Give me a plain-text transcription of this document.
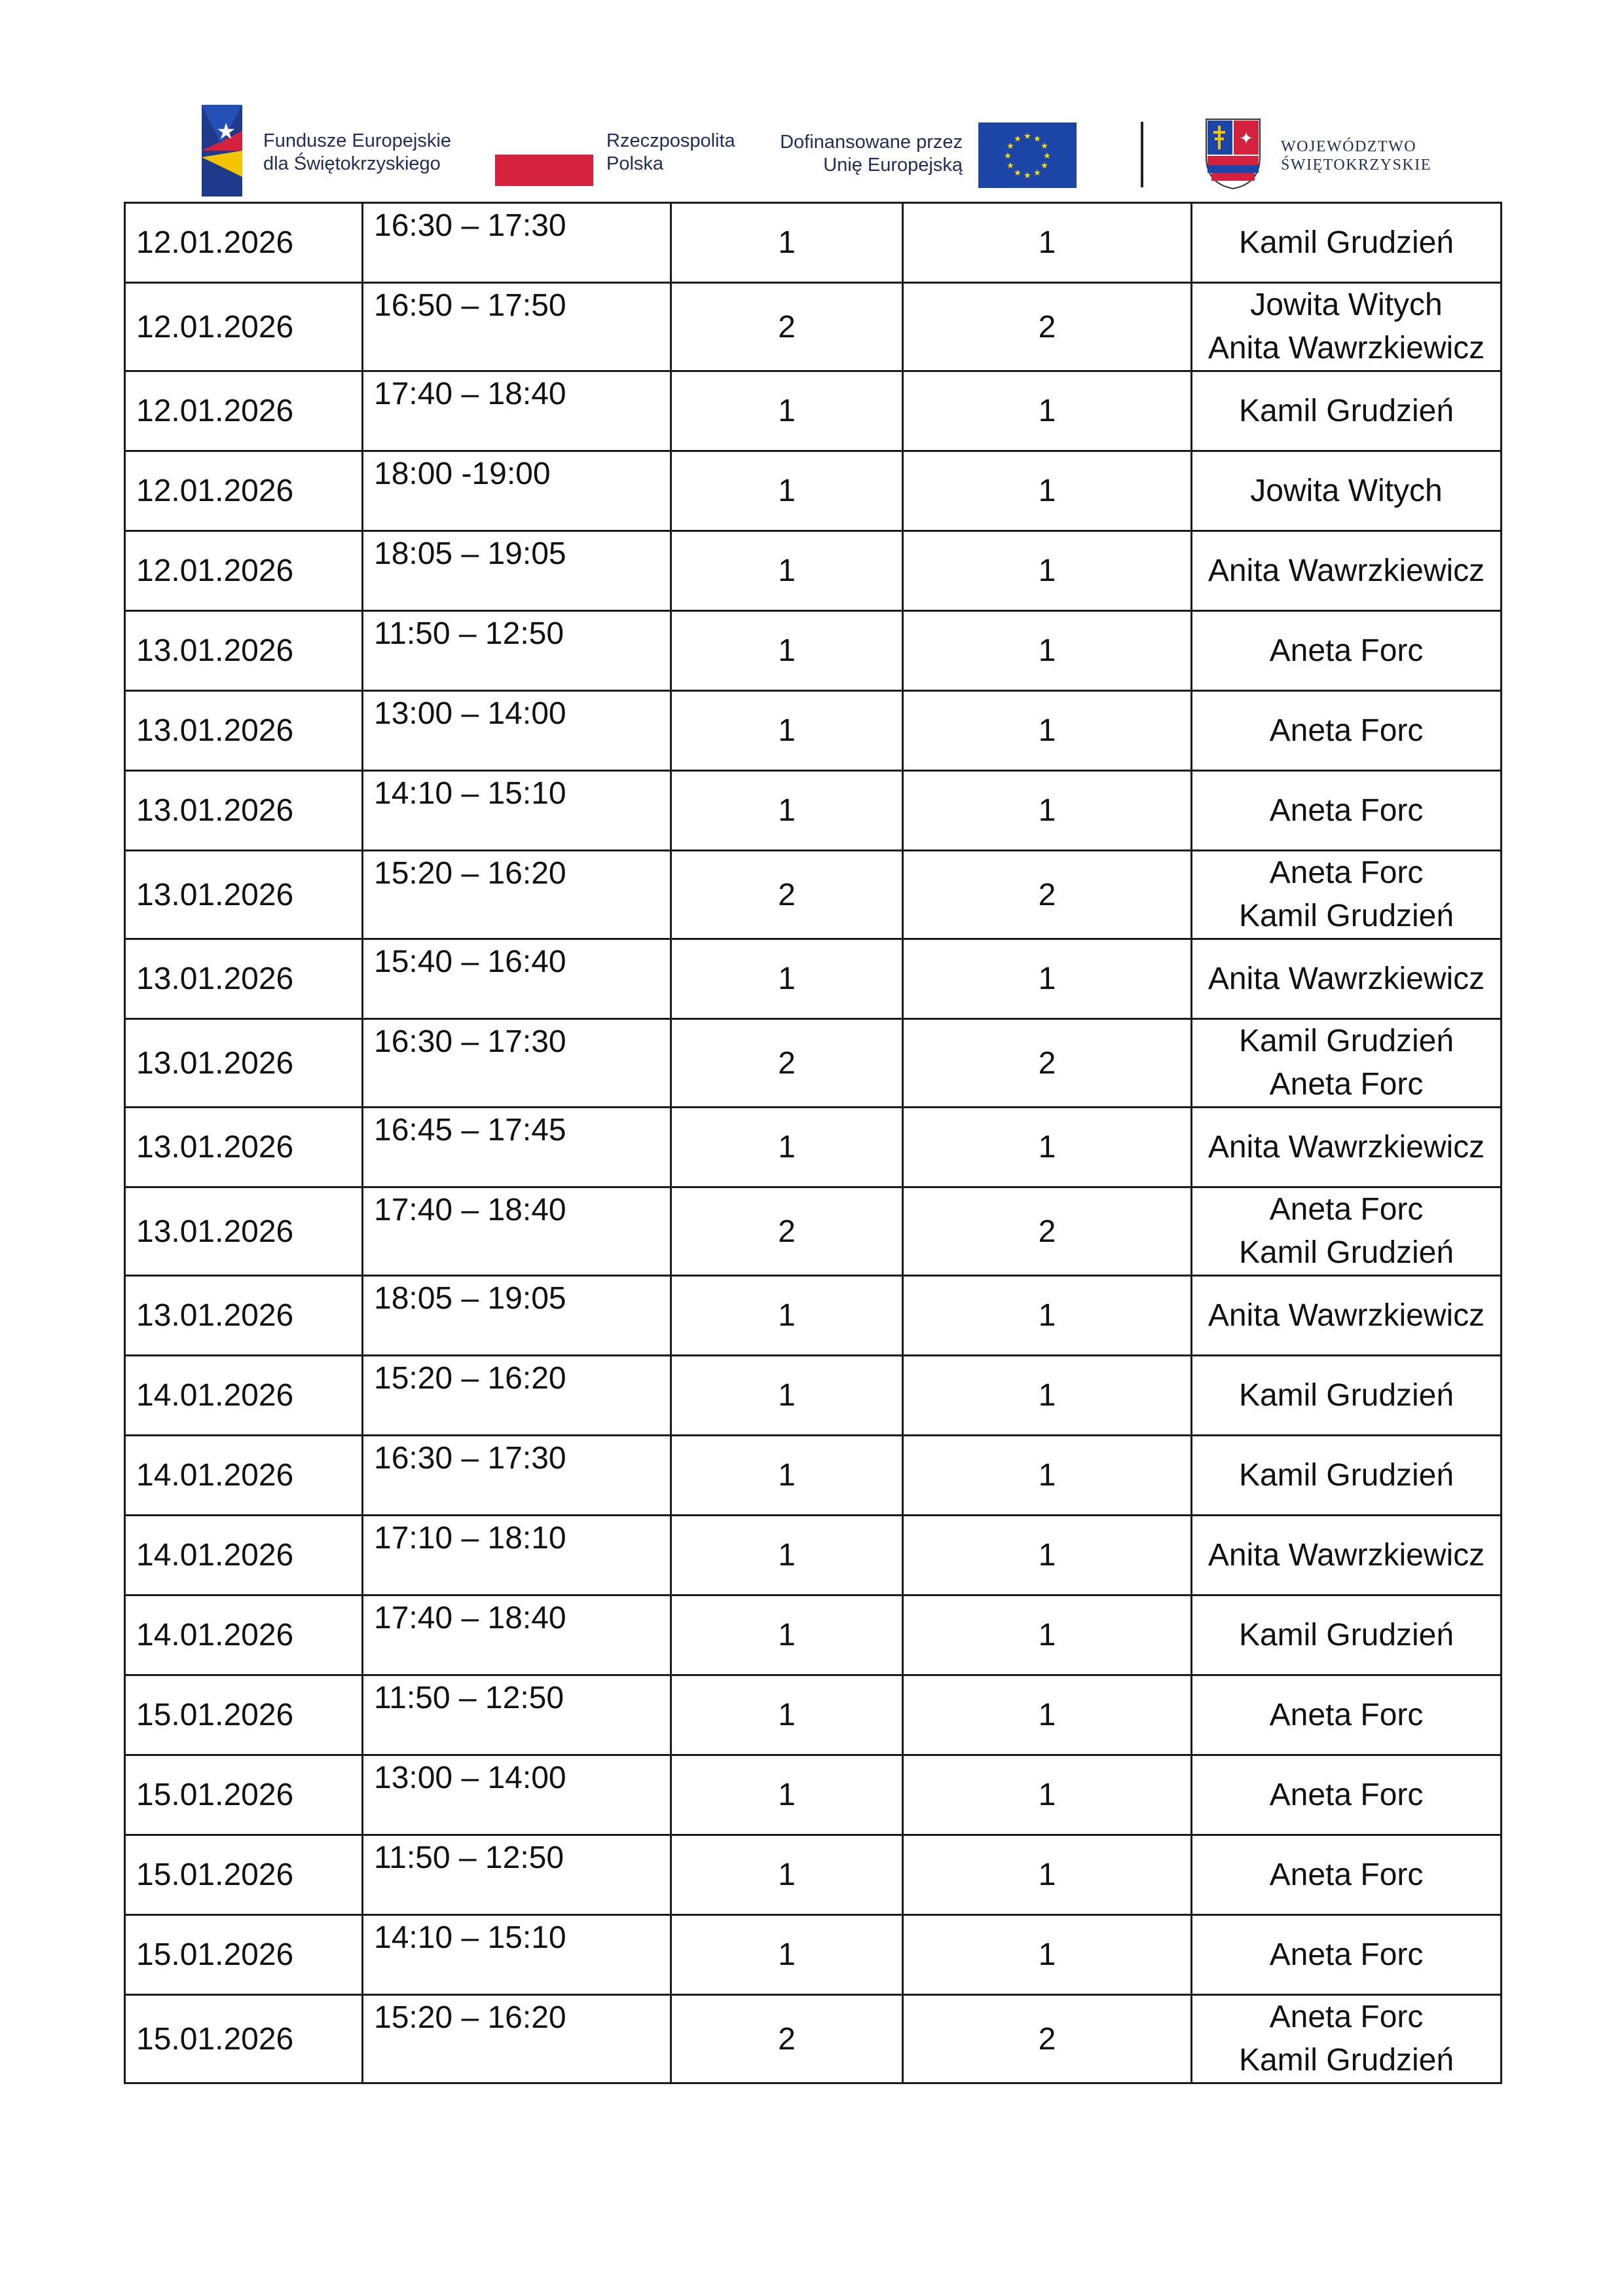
★ Fundusze Europejskie
dla Świętokrzyskiego
Rzeczpospolita
Polska
Dofinansowane przez
Unię Europejską
★ ★
★
★
★
★
★
★
★
★
★
★	✦ WOJEWÓDZTWO
ŚWIĘTOKRZYSKIE
12.01.2026	16:30 – 17:30	1	1	Kamil Grudzień

12.01.2026	16:50 – 17:50	2	2	Jowita Witych
Anita Wawrzkiewicz

12.01.2026	17:40 – 18:40	1	1	Kamil Grudzień

12.01.2026	18:00 -19:00	1	1	Jowita Witych

12.01.2026	18:05 – 19:05	1	1	Anita Wawrzkiewicz

13.01.2026	11:50 – 12:50	1	1	Aneta Forc

13.01.2026	13:00 – 14:00	1	1	Aneta Forc

13.01.2026	14:10 – 15:10	1	1	Aneta Forc

13.01.2026	15:20 – 16:20	2	2	Aneta Forc
Kamil Grudzień

13.01.2026	15:40 – 16:40	1	1	Anita Wawrzkiewicz

13.01.2026	16:30 – 17:30	2	2	Kamil Grudzień
Aneta Forc

13.01.2026	16:45 – 17:45	1	1	Anita Wawrzkiewicz

13.01.2026	17:40 – 18:40	2	2	Aneta Forc
Kamil Grudzień

13.01.2026	18:05 – 19:05	1	1	Anita Wawrzkiewicz

14.01.2026	15:20 – 16:20	1	1	Kamil Grudzień

14.01.2026	16:30 – 17:30	1	1	Kamil Grudzień

14.01.2026	17:10 – 18:10	1	1	Anita Wawrzkiewicz

14.01.2026	17:40 – 18:40	1	1	Kamil Grudzień

15.01.2026	11:50 – 12:50	1	1	Aneta Forc

15.01.2026	13:00 – 14:00	1	1	Aneta Forc

15.01.2026	11:50 – 12:50	1	1	Aneta Forc

15.01.2026	14:10 – 15:10	1	1	Aneta Forc

15.01.2026	15:20 – 16:20	2	2	Aneta Forc
Kamil Grudzień
